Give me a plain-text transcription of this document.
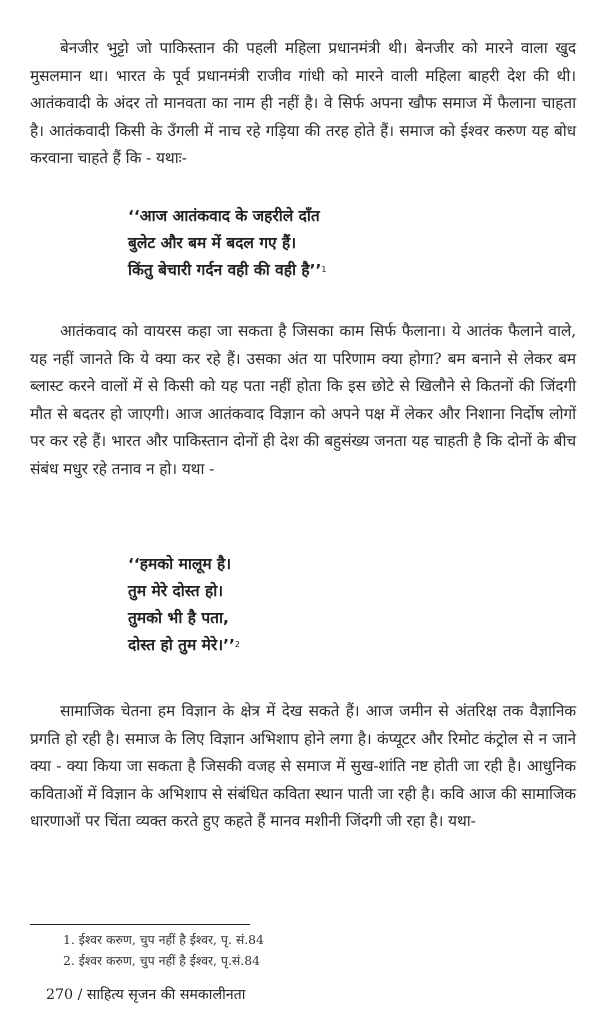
बेनजीर भुट्टो जो पाकिस्तान की पहली महिला प्रधानमंत्री थी। बेनजीर को मारने वाला खुद मुसलमान था। भारत के पूर्व प्रधानमंत्री राजीव गांधी को मारने वाली महिला बाहरी देश की थी। आतंकवादी के अंदर तो मानवता का नाम ही नहीं है। वे सिर्फ अपना खौफ समाज में फैलाना चाहता है। आतंकवादी किसी के उँगली में नाच रहे गड़िया की तरह होते हैं। समाज को ईश्वर करुण यह बोध करवाना चाहते हैं कि - यथाः-

‘‘आज आतंकवाद के जहरीले दाँत
बुलेट और बम में बदल गए हैं।
किंतु बेचारी गर्दन वही की वही है’’$^1$

आतंकवाद को वायरस कहा जा सकता है जिसका काम सिर्फ फैलाना। ये आतंक फैलाने वाले, यह नहीं जानते कि ये क्या कर रहे हैं। उसका अंत या परिणाम क्या होगा? बम बनाने से लेकर बम ब्लास्ट करने वालों में से किसी को यह पता नहीं होता कि इस छोटे से खिलौने से कितनों की जिंदगी मौत से बदतर हो जाएगी। आज आतंकवाद विज्ञान को अपने पक्ष में लेकर और निशाना निर्दोष लोगों पर कर रहे हैं। भारत और पाकिस्तान दोनों ही देश की बहुसंख्य जनता यह चाहती है कि दोनों के बीच संबंध मधुर रहे तनाव न हो। यथा -

‘‘हमको मालूम है।
तुम मेरे दोस्त हो।
तुमको भी है पता,
दोस्त हो तुम मेरे।’’$^2$

सामाजिक चेतना हम विज्ञान के क्षेत्र में देख सकते हैं। आज जमीन से अंतरिक्ष तक वैज्ञानिक प्रगति हो रही है। समाज के लिए विज्ञान अभिशाप होने लगा है। कंप्यूटर और रिमोट कंट्रोल से न जाने क्या - क्या किया जा सकता है जिसकी वजह से समाज में सुख-शांति नष्ट होती जा रही है। आधुनिक कविताओं में विज्ञान के अभिशाप से संबंधित कविता स्थान पाती जा रही है। कवि आज की सामाजिक धारणाओं पर चिंता व्यक्त करते हुए कहते हैं मानव मशीनी जिंदगी जी रहा है। यथा-

1. ईश्वर करुण, चुप नहीं है ईश्वर, पृ. सं.84
2. ईश्वर करुण, चुप नहीं है ईश्वर, पृ.सं.84
270 / साहित्य सृजन की समकालीनता
